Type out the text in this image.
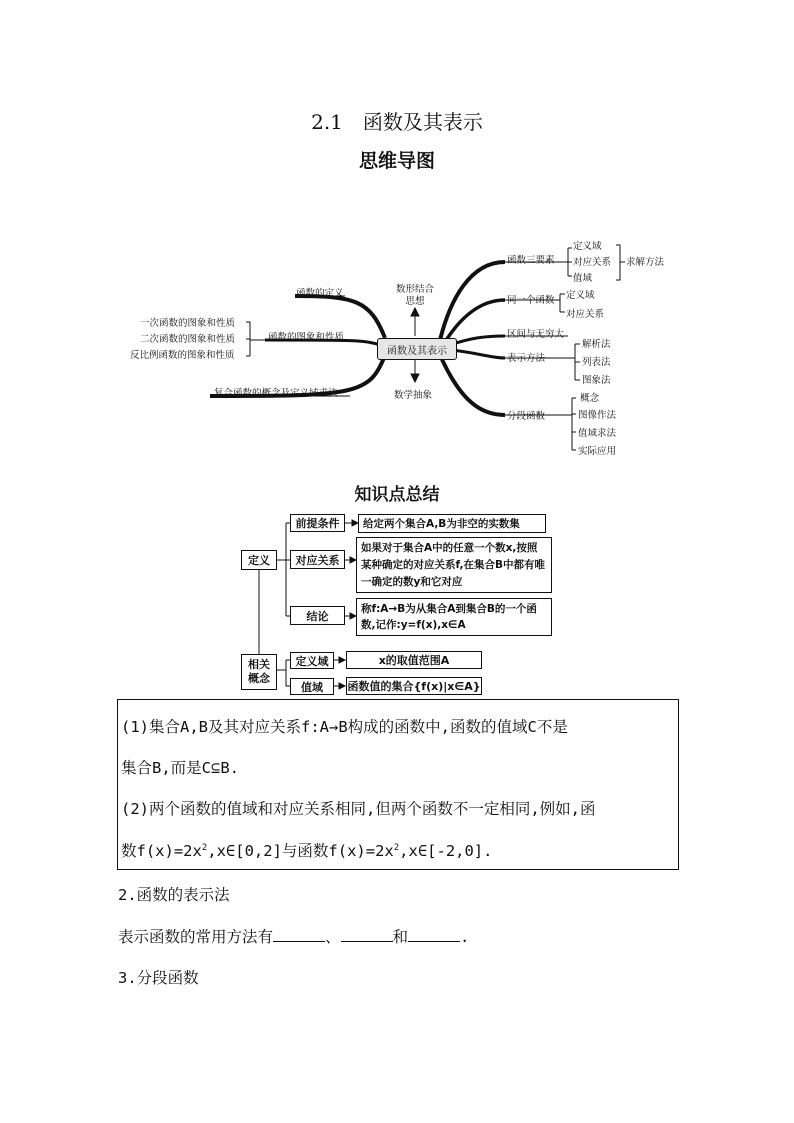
2.1　函数及其表示
思维导图
函数及其表示
数形结合
思想
数学抽象
函数的定义
函数的图象和性质
一次函数的图象和性质
二次函数的图象和性质
反比例函数的图象和性质
复合函数的概念及定义域求法
函数三要素
定义域
对应关系
值域
求解方法
同一个函数 定义域
对应关系
区间与无穷大
表示方法
解析法
列表法
图象法
分段函数
概念
图像作法
值域求法
实际应用
知识点总结
定义
前提条件	给定两个集合A,B为非空的实数集
对应关系
如果对于集合A中的任意一个数x,按照某种确定的对应关系f,在集合B中都有唯一确定的数y和它对应
结论
称f:A→B为从集合A到集合B的一个函数,记作:y=f(x),x∈A
相关
概念
定义域	x的取值范围A
值域 函数值的集合{f(x)|x∈A}
(1)集合A,B及其对应关系f:A→B构成的函数中,函数的值域C不是
集合B,而是C⊆B.
(2)两个函数的值域和对应关系相同,但两个函数不一定相同,例如,函
数$f(x)=2x^2,x\in[0,2]$与函数$f(x)=2x^2,x\in[-2,0]$.
2.函数的表示法
表示函数的常用方法有	、	和	.
3.分段函数
